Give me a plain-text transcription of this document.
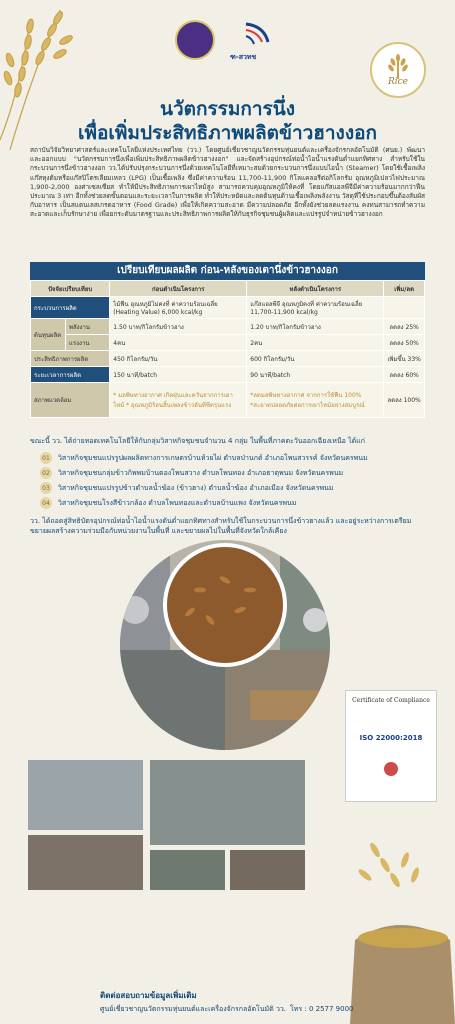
ฑ-สวทช
Rice
นวัตกรรมการนึ่ง
เพื่อเพิ่มประสิทธิภาพผลิตข้าวฮางงอก
สถาบันวิจัยวิทยาศาสตร์และเทคโนโลยีแห่งประเทศไทย (วว.) โดยศูนย์เชี่ยวชาญนวัตกรรมหุ่นยนต์และเครื่องจักรกลอัตโนมัติ (ศนย.) พัฒนาและออกแบบ "นวัตกรรมการนึ่งเพื่อเพิ่มประสิทธิภาพผลิตข้าวฮางงอก" และจัดสร้างอุปกรณ์ท่อน้ำไอน้ำแรงดันต่ำแยกทิศทาง สำหรับใช้ในกระบวนการนึ่งข้าวฮางงอก วว.ได้ปรับปรุงกระบวนการนึ่งด้วยเทคโนโลยีที่เหมาะสมด้วยกระบวนการนึ่งแบบไอน้ำ (Steamer) โดยใช้เชื้อเพลิงแก๊สหุงต้มหรือแก๊สปิโตรเลียมเหลว (LPG) เป็นเชื้อเพลิง ซึ่งมีค่าความร้อน 11,700-11,900 กิโลแคลอรีต่อกิโลกรัม อุณหภูมิเปลวไฟประมาณ 1,900-2,000 องศาเซลเซียส ทำให้มีประสิทธิภาพการเผาไหม้สูง สามารถควบคุมอุณหภูมิให้คงที่ โดยแก๊สแอลพีจีมีค่าความร้อนมากกว่าฟืนประมาณ 3 เท่า อีกทั้งช่วยลดขั้นตอนและระยะเวลาในการผลิต ทำให้ประหยัดและลดต้นทุนด้านเชื้อเพลิงพลังงาน วัสดุที่ใช้ประกอบขึ้นต้องสัมผัสกับอาหาร เป็นสแตนเลสเกรดอาหาร (Food Grade) เพื่อให้เกิดความสะอาด มีความปลอดภัย อีกทั้งยังช่วยลดแรงงาน คงทนสามารถทำความสะอาดและเก็บรักษาง่าย เพื่อยกระดับมาตรฐานและประสิทธิภาพการผลิตให้กับธุรกิจชุมชนผู้ผลิตและแปรรูปจำหน่ายข้าวฮางงอก
เปรียบเทียบผลผลิต ก่อน-หลังของเตานึ่งข้าวฮางงอก
ปัจจัยเปรียบเทียบ		ก่อนดำเนินโครงการ	หลังดำเนินโครงการ	เพิ่ม/ลด
กระบวนการผลิต		ไม้ฟืน อุณหภูมิไม่คงที่ ค่าความร้อนเฉลี่ย (Heating Value) 6,000 kcal/kg	แก๊สแอลพีจี อุณหภูมิคงที่ ค่าความร้อนเฉลี่ย 11,700-11,900 kcal/kg	
ต้นทุนผลิต	พลังงาน	1.50 บาท/กิโลกรัมข้าวฮาง	1.20 บาท/กิโลกรัมข้าวฮาง	ลดลง 25%
	แรงงาน	4คน	2คน	ลดลง 50%
ประสิทธิภาพการผลิต		450 กิโลกรัม/วัน	600 กิโลกรัม/วัน	เพิ่มขึ้น 33%
ระยะเวลาการผลิต		150 นาที/batch	90 นาที/batch	ลดลง 60%
สภาพแวดล้อม		* มลพิษทางอากาศ เกิดฝุ่นและควันจากการเผาไหม้ * อุณหภูมิร้อนสิ้นเพลงข้าวอันที่ซีดรุนแรง	*ลดมลพิษทางอากาศ จากการใช้ฟืน 100% *สะอาดปลอดภัยต่อการเผาไหม้อย่างสมบูรณ์	ลดลง 100%
ขณะนี้ วว. ได้ถ่ายทอดเทคโนโลยีให้กับกลุ่มวิสาหกิจชุมชนจำนวน 4 กลุ่ม ในพื้นที่ภาคตะวันออกเฉียงเหนือ ได้แก่
01	วิสาหกิจชุมชนแปรรูปผลผลิตทางการเกษตรบ้านห้วยไผ่ ตำบลป่านกต์ อำเภอโพนสวรรค์ จังหวัดนครพนม
02	วิสาหกิจชุมชนกลุ่มข้าวกิพพมบ้านตองโพนสวาง ตำบลโพนทอง อำเภอธาตุพนม จังหวัดนครพนม
03	วิสาหกิจชุมชนแปรรูปข้าวตำบลน้ำฆ้อง (ข้าวฮาง) ตำบลน้ำฆ้อง อำเภอเมือง จังหวัดนครพนม
04	วิสาหกิจชุมชนโรงสีข้าวกล้อง ตำบลโพนทองและตำบลบ้านแพง จังหวัดนครพนม
วว. ได้ถอดสู่สิทธิบัตรอุปกรณ์ท่อน้ำไอน้ำแรงดันต่ำแยกทิศทางสำหรับใช้ในกระบวนการนึ่งข้าวฮางแล้ว และอยู่ระหว่างการเตรียมขยายผลสร้างความร่วมมือกับหน่วยงานในพื้นที่ และขยายผลไปในพื้นที่จังหวัดใกล้เคียง
Certificate of Compliance
ISO 22000:2018
ติดต่อสอบถามข้อมูลเพิ่มเติม
ศูนย์เชี่ยวชาญนวัตกรรมหุ่นยนต์และเครื่องจักรกลอัตโนมัติ วว. โทร : 0 2577 9000
